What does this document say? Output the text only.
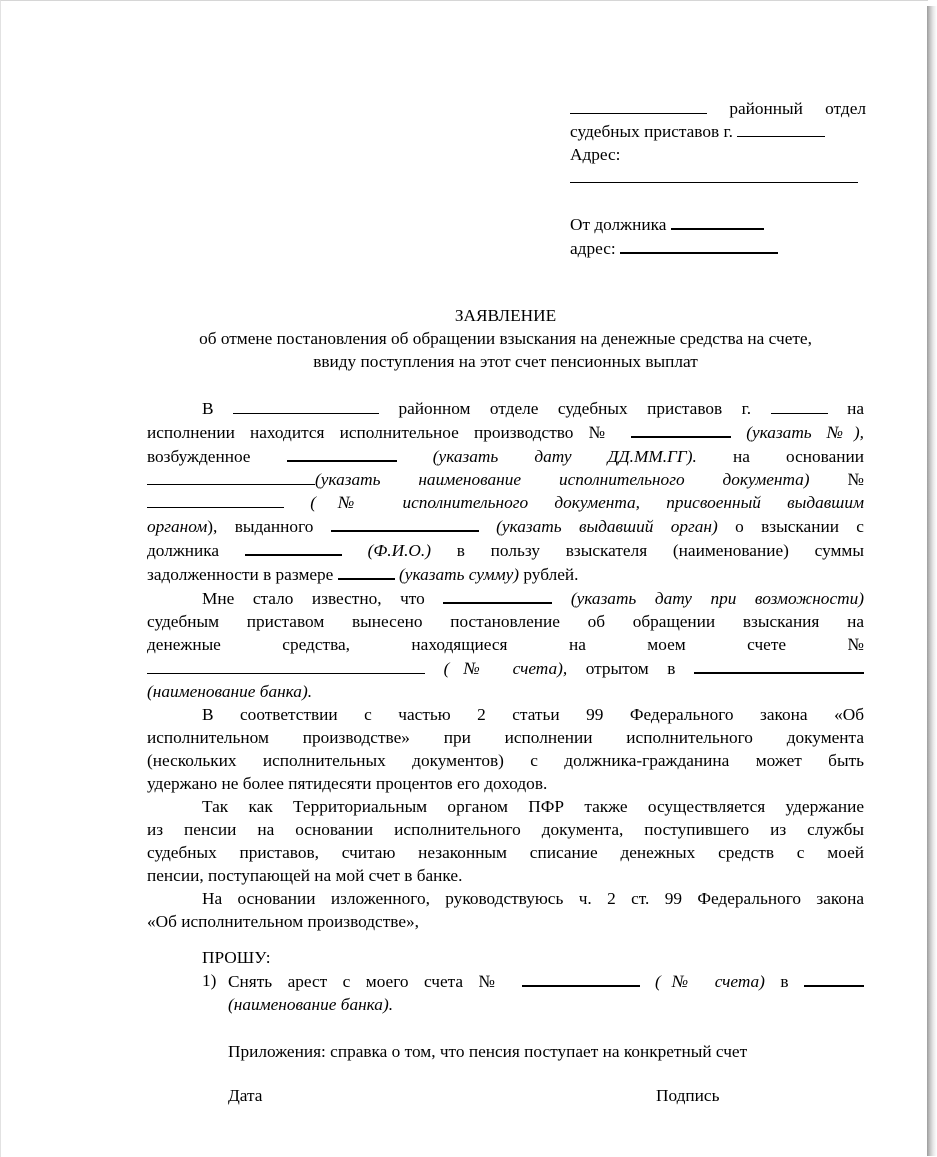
районный отдел

судебных приставов г.

Адрес:

От должника

адрес:

ЗАЯВЛЕНИЕ

об отмене постановления об обращении взыскания на денежные средства на счете,

ввиду поступления на этот счет пенсионных выплат

В	районном отделе судебных приставов г.	на

исполнении находится исполнительное производство №	(указать №),

возбужденное	(указать дату ДД.ММ.ГГ). на основании

(указать наименование исполнительного документа) №

(№ исполнительного документа, присвоенный выдавшим

органом), выданного	(указать выдавший орган) о взыскании с

должника	(Ф.И.О.) в пользу взыскателя (наименование) суммы

задолженности в размере	(указать сумму) рублей.

Мне стало известно, что	(указать дату при возможности)

судебным приставом вынесено постановление об обращении взыскания на

денежные средства, находящиеся на моем счете №

(№ счета), отрытом в

(наименование банка).

В соответствии с частью 2 статьи 99 Федерального закона «Об

исполнительном производстве» при исполнении исполнительного документа

(нескольких исполнительных документов) с должника-гражданина может быть

удержано не более пятидесяти процентов его доходов.

Так как Территориальным органом ПФР также осуществляется удержание

из пенсии на основании исполнительного документа, поступившего из службы

судебных приставов, считаю незаконным списание денежных средств с моей

пенсии, поступающей на мой счет в банке.

На основании изложенного, руководствуюсь ч. 2 ст. 99 Федерального закона

«Об исполнительном производстве»,

ПРОШУ:

1) Снять арест с моего счета №	(№ счета) в

(наименование банка).

Приложения: справка о том, что пенсия поступает на конкретный счет

Дата	Подпись
